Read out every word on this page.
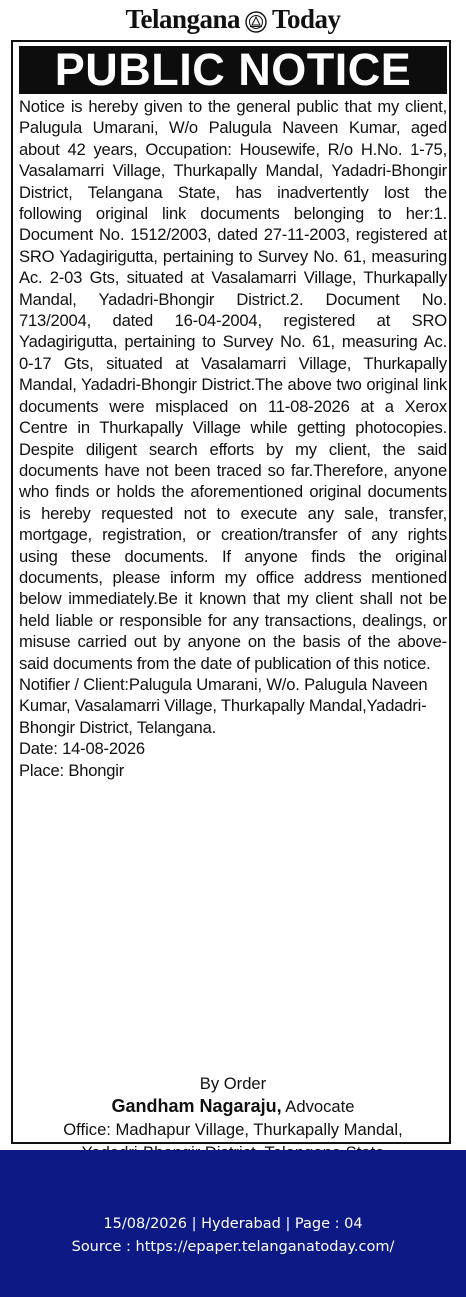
Telangana Today
PUBLIC NOTICE

Notice is hereby given to the general public that my client, Palugula Umarani, W/o Palugula Naveen Kumar, aged about 42 years, Occupation: Housewife, R/o H.No. 1-75, Vasalamarri Village, Thurkapally Mandal, Yadadri-Bhongir District, Telangana State, has inadvertently lost the following original link documents belonging to her:1. Document No. 1512/2003, dated 27-11-2003, registered at SRO Yadagirigutta, pertaining to Survey No. 61, measuring Ac. 2-03 Gts, situated at Vasalamarri Village, Thurkapally Mandal, Yadadri-Bhongir District.2. Document No. 713/2004, dated 16-04-2004, registered at SRO Yadagirigutta, pertaining to Survey No. 61, measuring Ac. 0-17 Gts, situated at Vasalamarri Village, Thurkapally Mandal, Yadadri-Bhongir District.The above two original link documents were misplaced on 11-08-2026 at a Xerox Centre in Thurkapally Village while getting photocopies. Despite diligent search efforts by my client, the said documents have not been traced so far.Therefore, anyone who finds or holds the aforementioned original documents is hereby requested not to execute any sale, transfer, mortgage, registration, or creation/transfer of any rights using these documents. If anyone finds the original documents, please inform my office address mentioned below immediately.Be it known that my client shall not be held liable or responsible for any transactions, dealings, or misuse carried out by anyone on the basis of the above-said documents from the date of publication of this notice.

Notifier / Client:Palugula Umarani, W/o. Palugula Naveen Kumar, Vasalamarri Village, Thurkapally Mandal,Yadadri-Bhongir District, Telangana.

Date: 14-08-2026

Place: Bhongir

By Order
Gandham Nagaraju, Advocate
Office: Madhapur Village, Thurkapally Mandal,
15/08/2026 | Hyderabad | Page : 04
Source : https://epaper.telanganatoday.com/
